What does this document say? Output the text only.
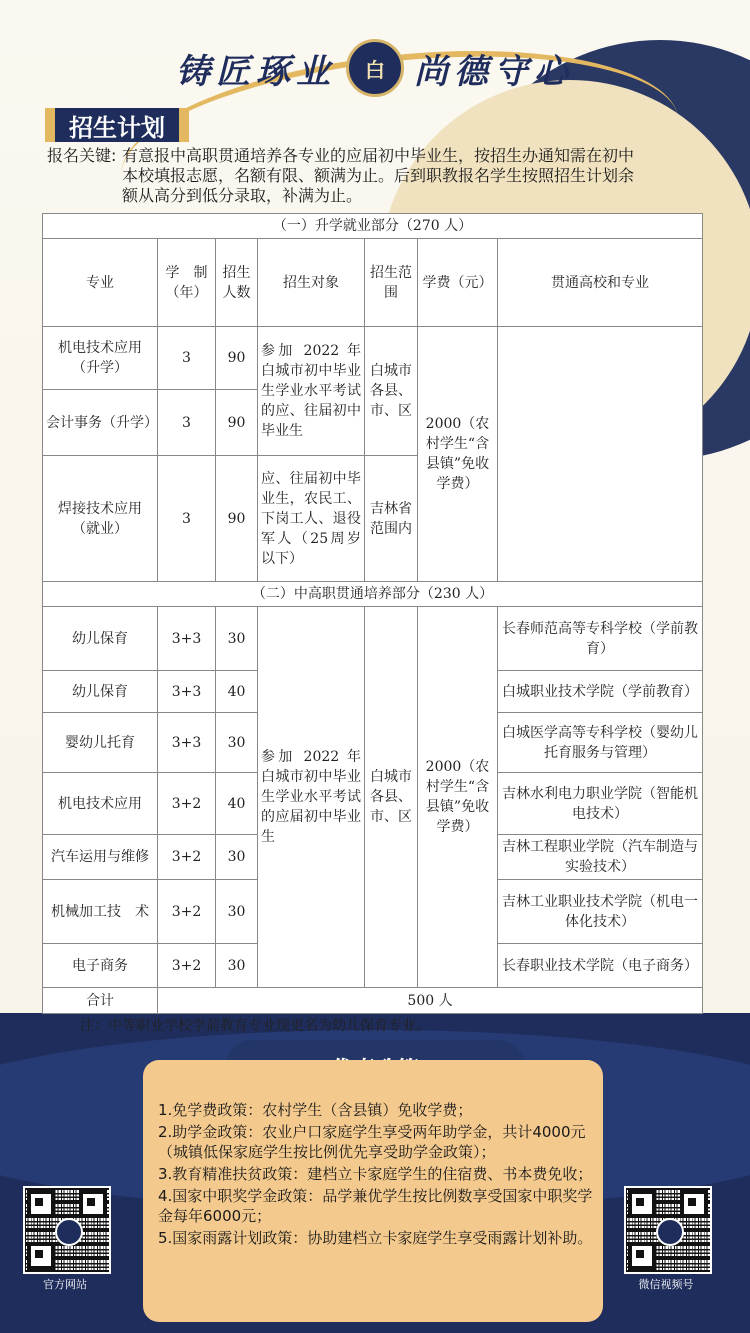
铸匠琢业 白 尚德守心
招生计划
报名关键: 有意报中高职贯通培养各专业的应届初中毕业生，按招生办通知需在初中本校填报志愿，名额有限、额满为止。后到职教报名学生按照招生计划余额从高分到低分录取，补满为止。
（一）升学就业部分（270 人）						
专业	学　制（年）	招生人数	招生对象	招生范围	学费（元）	贯通高校和专业
机电技术应用（升学）	3	90	参加 2022 年白城市初中毕业生学业水平考试的应、往届初中毕业生	白城市各县、市、区	2000（农村学生“含县镇”免收学费）	
会计事务（升学）	3	90				
焊接技术应用（就业）	3	90	应、往届初中毕业生，农民工、下岗工人、退役军人（25周岁以下）	吉林省范围内		
（二）中高职贯通培养部分（230 人）						
幼儿保育	3+3	30	参加 2022 年白城市初中毕业生学业水平考试的应届初中毕业生	白城市各县、市、区	2000（农村学生“含县镇”免收学费）	长春师范高等专科学校（学前教育）
幼儿保育	3+3	40				白城职业技术学院（学前教育）
婴幼儿托育	3+3	30				白城医学高等专科学校（婴幼儿托育服务与管理）
机电技术应用	3+2	40				吉林水利电力职业学院（智能机电技术）
汽车运用与维修	3+2	30				吉林工程职业学院（汽车制造与实验技术）
机械加工技　术	3+2	30				吉林工业职业技术学院（机电一体化技术）
电子商务	3+2	30				长春职业技术学院（电子商务）
合计	500 人					
注：中等职业学校学前教育专业现更名为幼儿保育专业。
1.免学费政策：农村学生（含县镇）免收学费；
2.助学金政策：农业户口家庭学生享受两年助学金，共计4000元（城镇低保家庭学生按比例优先享受助学金政策）；
3.教育精准扶贫政策：建档立卡家庭学生的住宿费、书本费免收；
4.国家中职奖学金政策：品学兼优学生按比例数享受国家中职奖学金每年6000元；
5.国家雨露计划政策：协助建档立卡家庭学生享受雨露计划补助。
官方网站	微信视频号
